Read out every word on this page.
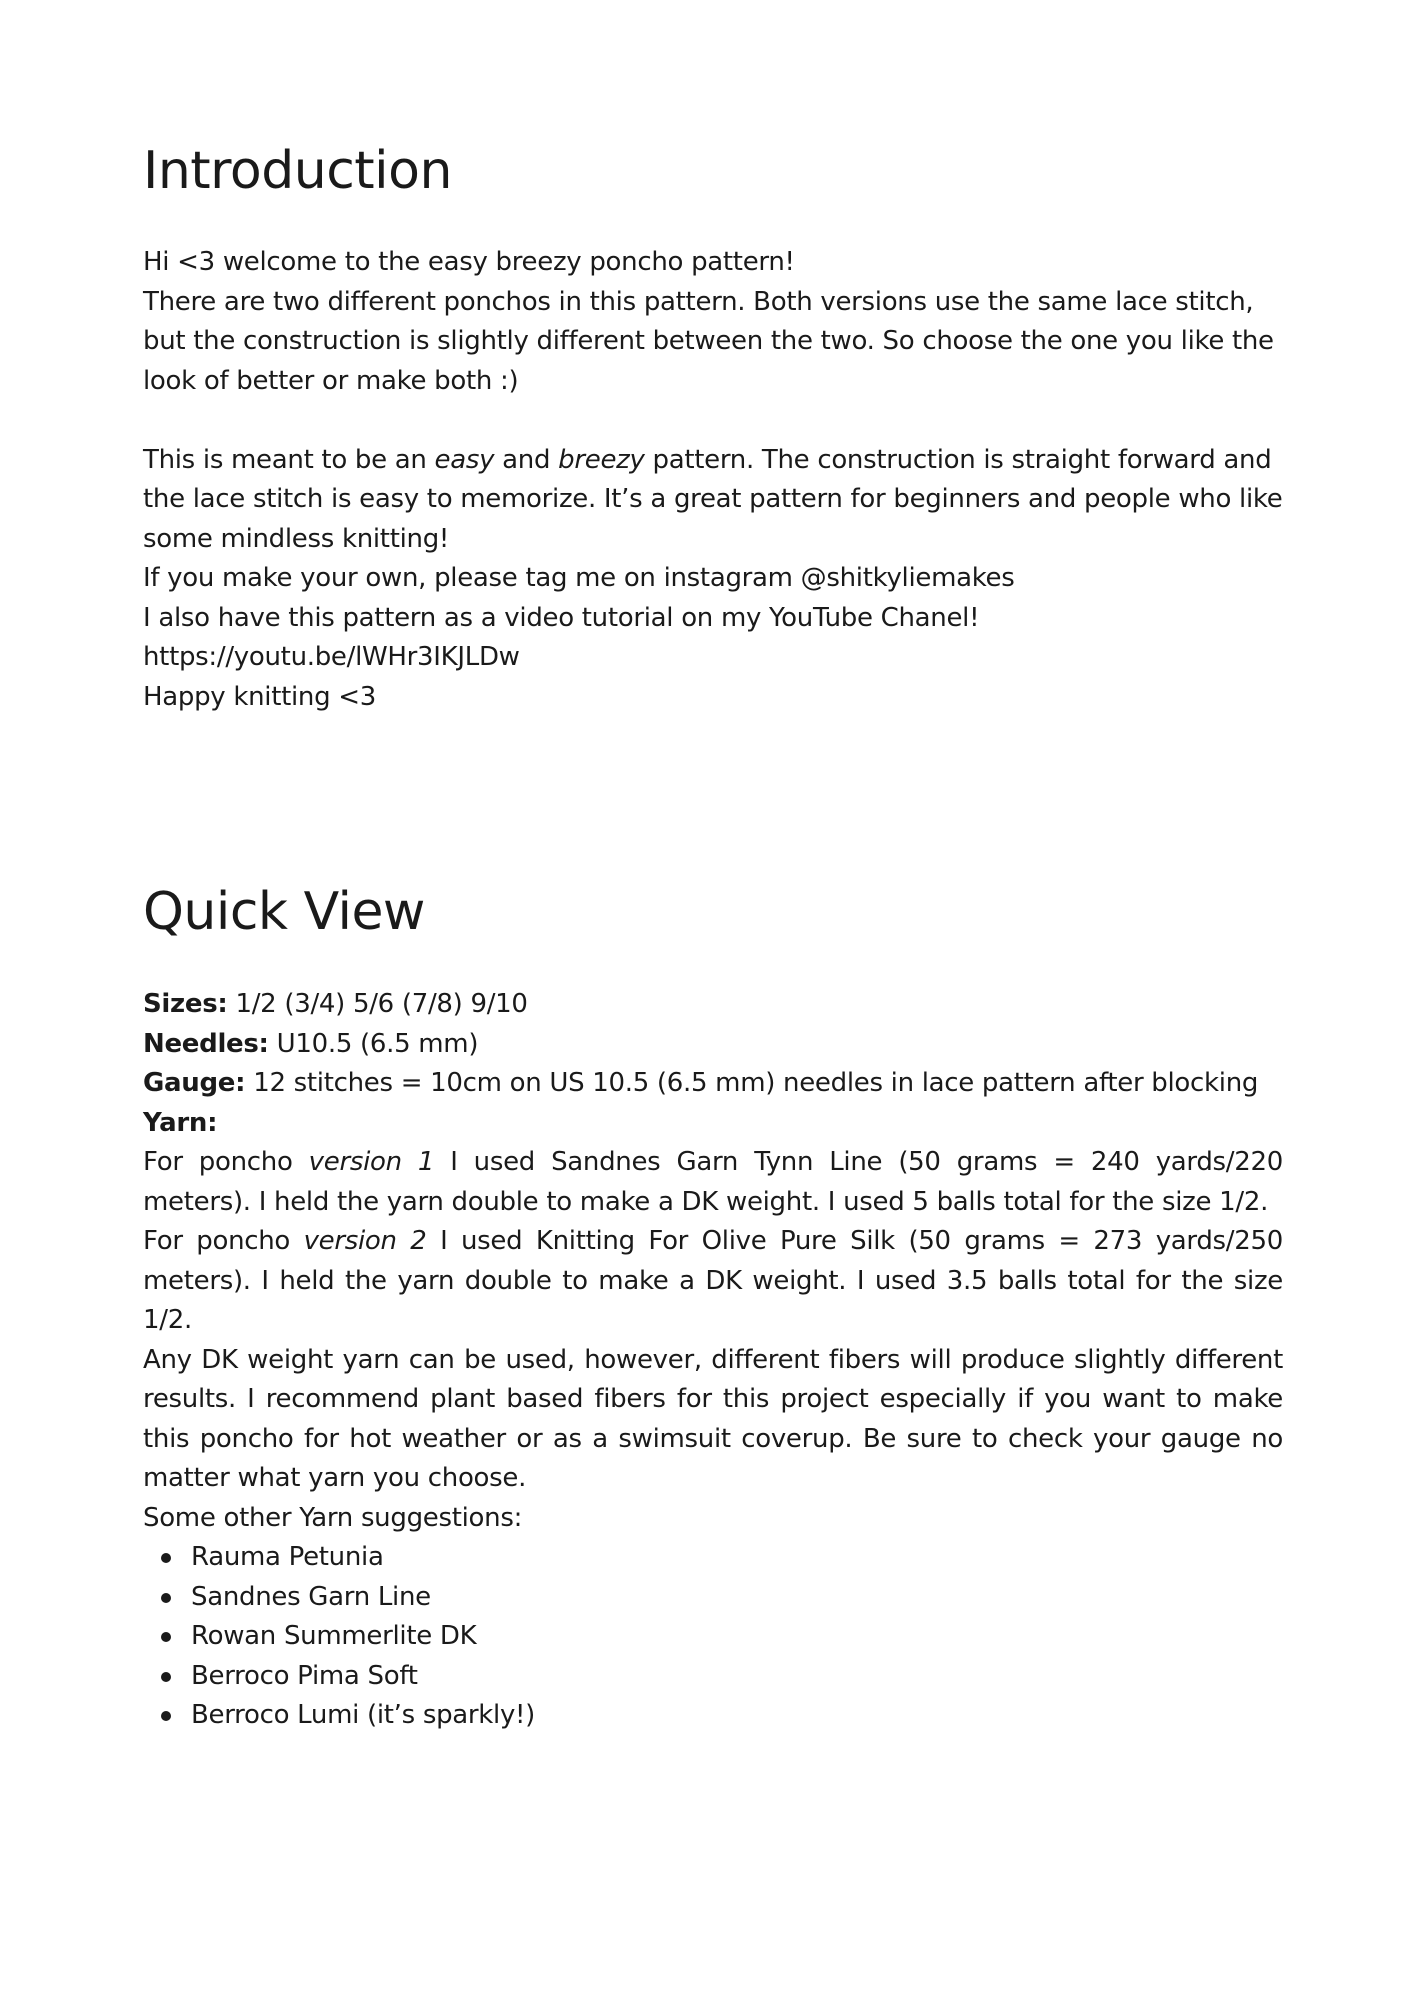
Introduction

Hi <3 welcome to the easy breezy poncho pattern!

There are two different ponchos in this pattern. Both versions use the same lace stitch, but the construction is slightly different between the two. So choose the one you like the look of better or make both :)

This is meant to be an easy and breezy pattern. The construction is straight forward and the lace stitch is easy to memorize. It’s a great pattern for beginners and people who like some mindless knitting!

If you make your own, please tag me on instagram @shitkyliemakes

I also have this pattern as a video tutorial on my YouTube Chanel!

https://youtu.be/lWHr3IKJLDw

Happy knitting <3

Quick View

Sizes: 1/2 (3/4) 5/6 (7/8) 9/10

Needles: U10.5 (6.5 mm)

Gauge: 12 stitches = 10cm on US 10.5 (6.5 mm) needles in lace pattern after blocking

Yarn:

For poncho version 1 I used Sandnes Garn Tynn Line (50 grams = 240 yards/220 meters). I held the yarn double to make a DK weight. I used 5 balls total for the size 1/2.

For poncho version 2 I used Knitting For Olive Pure Silk (50 grams = 273 yards/250 meters). I held the yarn double to make a DK weight. I used 3.5 balls total for the size 1/2.

Any DK weight yarn can be used, however, different fibers will produce slightly different results. I recommend plant based fibers for this project especially if you want to make this poncho for hot weather or as a swimsuit coverup. Be sure to check your gauge no matter what yarn you choose.

Some other Yarn suggestions:

Rauma Petunia
Sandnes Garn Line
Rowan Summerlite DK
Berroco Pima Soft
Berroco Lumi (it’s sparkly!)
